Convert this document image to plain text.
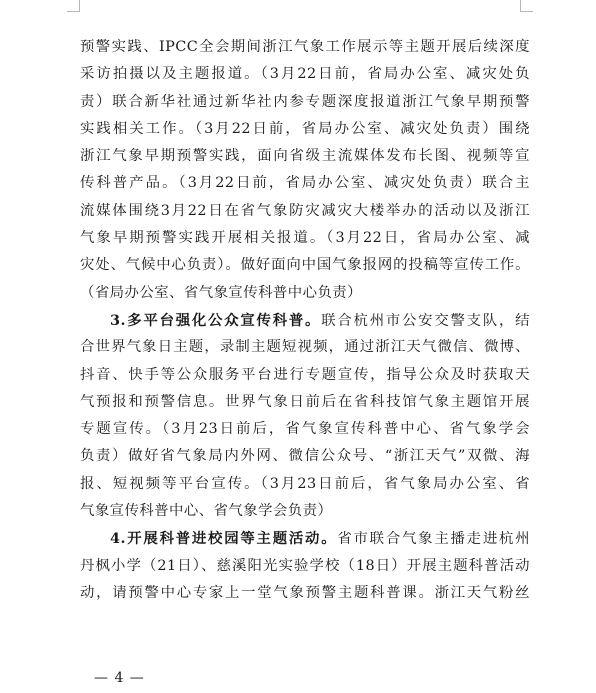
预警实践、IPCC全会期间浙江气象工作展示等主题开展后续深度
采访拍摄以及主题报道。（3月22日前，省局办公室、减灾处负
责）联合新华社通过新华社内参专题深度报道浙江气象早期预警
实践相关工作。（3月22日前，省局办公室、减灾处负责）围绕
浙江气象早期预警实践，面向省级主流媒体发布长图、视频等宣
传科普产品。（3月22日前，省局办公室、减灾处负责）联合主
流媒体围绕3月22日在省气象防灾减灾大楼举办的活动以及浙江
气象早期预警实践开展相关报道。（3月22日，省局办公室、减
灾处、气候中心负责）。做好面向中国气象报网的投稿等宣传工作。
（省局办公室、省气象宣传科普中心负责）
3.多平台强化公众宣传科普。联合杭州市公安交警支队，结
合世界气象日主题，录制主题短视频，通过浙江天气微信、微博、
抖音、快手等公众服务平台进行专题宣传，指导公众及时获取天
气预报和预警信息。世界气象日前后在省科技馆气象主题馆开展
专题宣传。（3月23日前后，省气象宣传科普中心、省气象学会
负责）做好省气象局内外网、微信公众号、“浙江天气”双微、海
报、短视频等平台宣传。（3月23日前后，省气象局办公室、省
气象宣传科普中心、省气象学会负责）
4.开展科普进校园等主题活动。省市联合气象主播走进杭州
丹枫小学（21日）、慈溪阳光实验学校（18日）开展主题科普活动
动，请预警中心专家上一堂气象预警主题科普课。浙江天气粉丝
— 4 —
